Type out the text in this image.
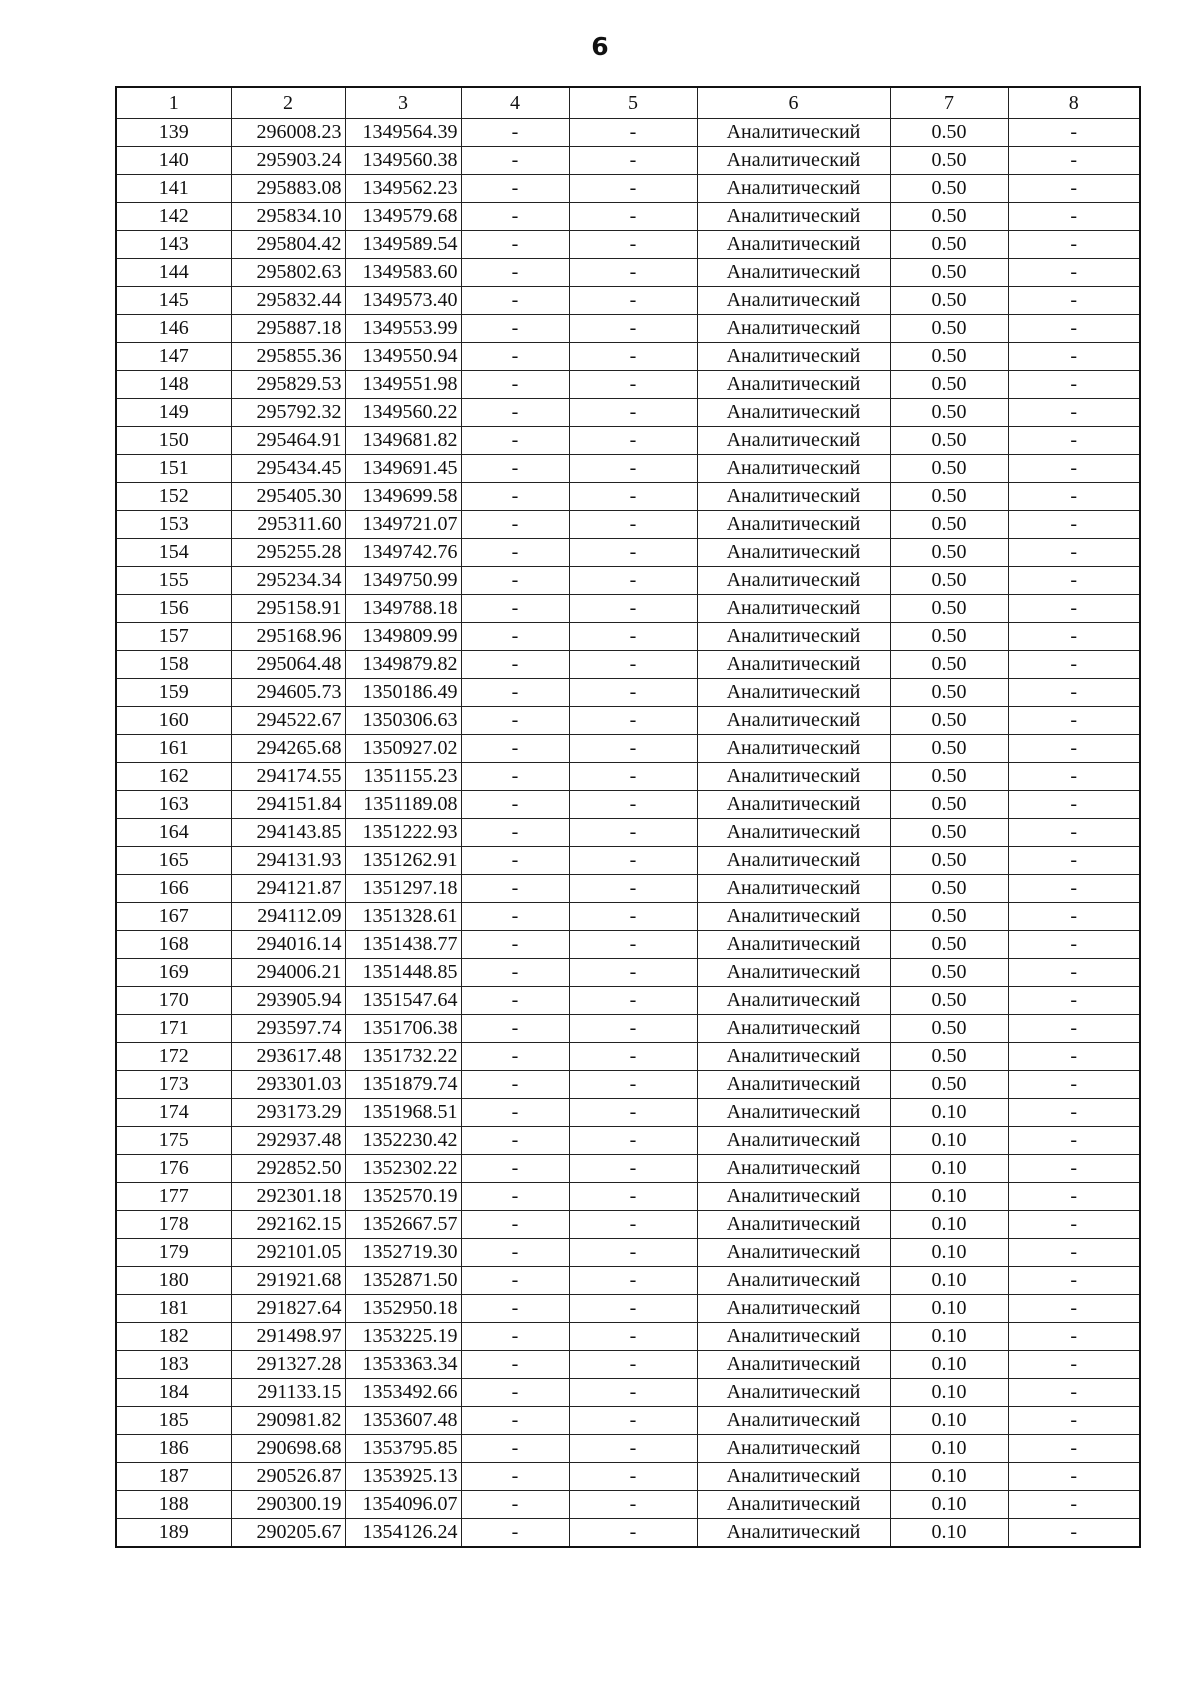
6
1	2	3	4	5	6	7	8
139	296008.23	1349564.39	-	-	Аналитический	0.50	-
140	295903.24	1349560.38	-	-	Аналитический	0.50	-
141	295883.08	1349562.23	-	-	Аналитический	0.50	-
142	295834.10	1349579.68	-	-	Аналитический	0.50	-
143	295804.42	1349589.54	-	-	Аналитический	0.50	-
144	295802.63	1349583.60	-	-	Аналитический	0.50	-
145	295832.44	1349573.40	-	-	Аналитический	0.50	-
146	295887.18	1349553.99	-	-	Аналитический	0.50	-
147	295855.36	1349550.94	-	-	Аналитический	0.50	-
148	295829.53	1349551.98	-	-	Аналитический	0.50	-
149	295792.32	1349560.22	-	-	Аналитический	0.50	-
150	295464.91	1349681.82	-	-	Аналитический	0.50	-
151	295434.45	1349691.45	-	-	Аналитический	0.50	-
152	295405.30	1349699.58	-	-	Аналитический	0.50	-
153	295311.60	1349721.07	-	-	Аналитический	0.50	-
154	295255.28	1349742.76	-	-	Аналитический	0.50	-
155	295234.34	1349750.99	-	-	Аналитический	0.50	-
156	295158.91	1349788.18	-	-	Аналитический	0.50	-
157	295168.96	1349809.99	-	-	Аналитический	0.50	-
158	295064.48	1349879.82	-	-	Аналитический	0.50	-
159	294605.73	1350186.49	-	-	Аналитический	0.50	-
160	294522.67	1350306.63	-	-	Аналитический	0.50	-
161	294265.68	1350927.02	-	-	Аналитический	0.50	-
162	294174.55	1351155.23	-	-	Аналитический	0.50	-
163	294151.84	1351189.08	-	-	Аналитический	0.50	-
164	294143.85	1351222.93	-	-	Аналитический	0.50	-
165	294131.93	1351262.91	-	-	Аналитический	0.50	-
166	294121.87	1351297.18	-	-	Аналитический	0.50	-
167	294112.09	1351328.61	-	-	Аналитический	0.50	-
168	294016.14	1351438.77	-	-	Аналитический	0.50	-
169	294006.21	1351448.85	-	-	Аналитический	0.50	-
170	293905.94	1351547.64	-	-	Аналитический	0.50	-
171	293597.74	1351706.38	-	-	Аналитический	0.50	-
172	293617.48	1351732.22	-	-	Аналитический	0.50	-
173	293301.03	1351879.74	-	-	Аналитический	0.50	-
174	293173.29	1351968.51	-	-	Аналитический	0.10	-
175	292937.48	1352230.42	-	-	Аналитический	0.10	-
176	292852.50	1352302.22	-	-	Аналитический	0.10	-
177	292301.18	1352570.19	-	-	Аналитический	0.10	-
178	292162.15	1352667.57	-	-	Аналитический	0.10	-
179	292101.05	1352719.30	-	-	Аналитический	0.10	-
180	291921.68	1352871.50	-	-	Аналитический	0.10	-
181	291827.64	1352950.18	-	-	Аналитический	0.10	-
182	291498.97	1353225.19	-	-	Аналитический	0.10	-
183	291327.28	1353363.34	-	-	Аналитический	0.10	-
184	291133.15	1353492.66	-	-	Аналитический	0.10	-
185	290981.82	1353607.48	-	-	Аналитический	0.10	-
186	290698.68	1353795.85	-	-	Аналитический	0.10	-
187	290526.87	1353925.13	-	-	Аналитический	0.10	-
188	290300.19	1354096.07	-	-	Аналитический	0.10	-
189	290205.67	1354126.24	-	-	Аналитический	0.10	-
